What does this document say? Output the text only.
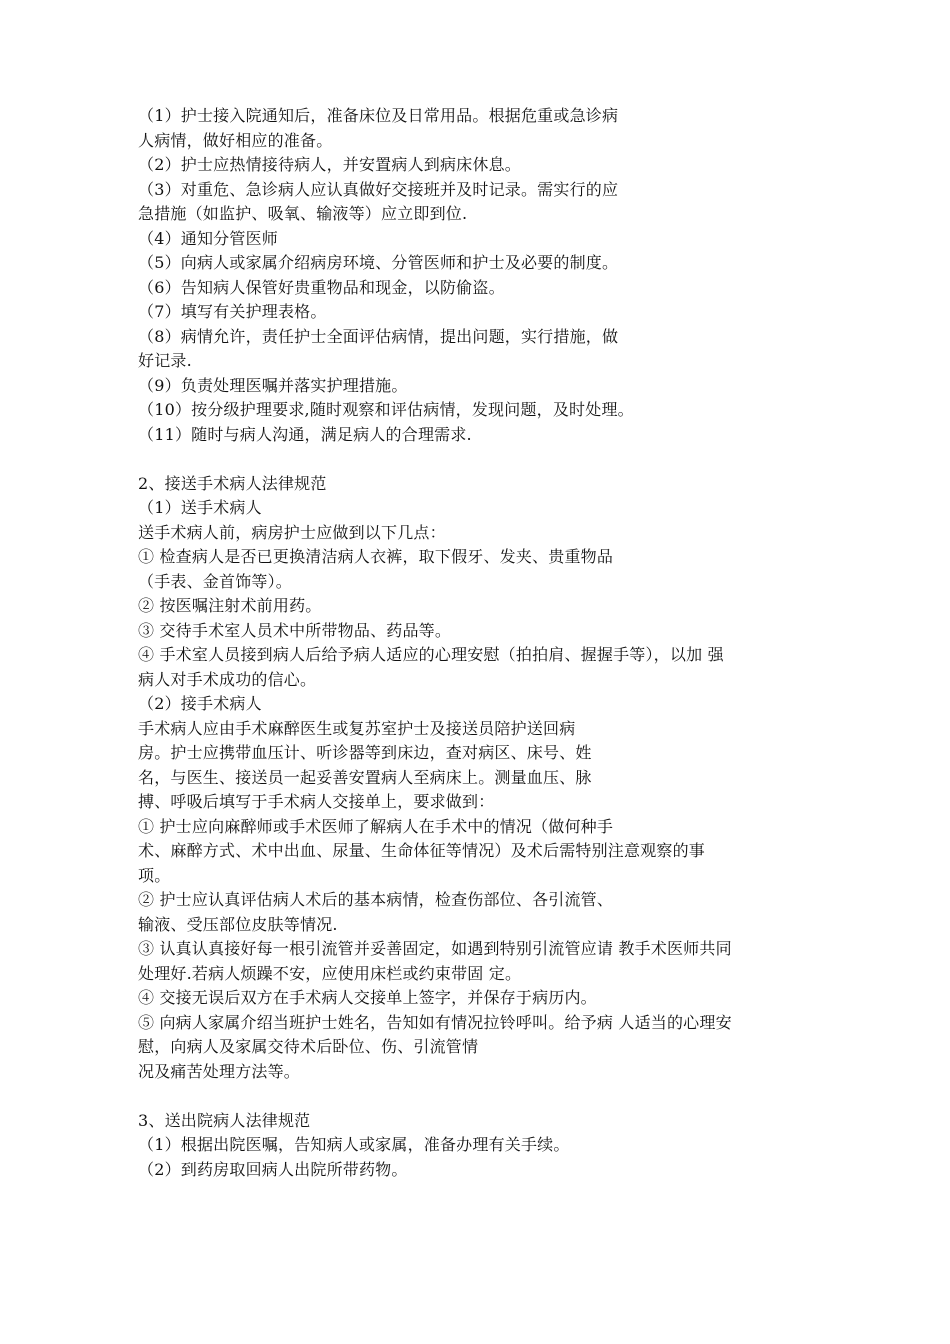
（1）护士接入院通知后，准备床位及日常用品。根据危重或急诊病
人病情，做好相应的准备。
（2）护士应热情接待病人，并安置病人到病床休息。
（3）对重危、急诊病人应认真做好交接班并及时记录。需实行的应
急措施（如监护、吸氧、输液等）应立即到位.
（4）通知分管医师
（5）向病人或家属介绍病房环境、分管医师和护士及必要的制度。
（6）告知病人保管好贵重物品和现金，以防偷盗。
（7）填写有关护理表格。
（8）病情允许，责任护士全面评估病情，提出问题，实行措施，做
好记录.
（9）负责处理医嘱并落实护理措施。
（10）按分级护理要求,随时观察和评估病情，发现问题，及时处理。
（11）随时与病人沟通，满足病人的合理需求.
2、接送手术病人法律规范
（1）送手术病人
送手术病人前，病房护士应做到以下几点：
① 检查病人是否已更换清洁病人衣裤，取下假牙、发夹、贵重物品
（手表、金首饰等）。
② 按医嘱注射术前用药。
③ 交待手术室人员术中所带物品、药品等。
④ 手术室人员接到病人后给予病人适应的心理安慰（拍拍肩、握握手等），以加 强
病人对手术成功的信心。
（2）接手术病人
手术病人应由手术麻醉医生或复苏室护士及接送员陪护送回病
房。护士应携带血压计、听诊器等到床边，查对病区、床号、姓
名，与医生、接送员一起妥善安置病人至病床上。测量血压、脉
搏、呼吸后填写于手术病人交接单上，要求做到：
① 护士应向麻醉师或手术医师了解病人在手术中的情况（做何种手
术、麻醉方式、术中出血、尿量、生命体征等情况）及术后需特别注意观察的事
项。
② 护士应认真评估病人术后的基本病情，检查伤部位、各引流管、
输液、受压部位皮肤等情况.
③ 认真认真接好每一根引流管并妥善固定，如遇到特别引流管应请 教手术医师共同
处理好.若病人烦躁不安，应使用床栏或约束带固 定。
④ 交接无误后双方在手术病人交接单上签字，并保存于病历内。
⑤ 向病人家属介绍当班护士姓名，告知如有情况拉铃呼叫。给予病 人适当的心理安
慰，向病人及家属交待术后卧位、伤、引流管情
况及痛苦处理方法等。
3、送出院病人法律规范
（1）根据出院医嘱，告知病人或家属，准备办理有关手续。
（2）到药房取回病人出院所带药物。
